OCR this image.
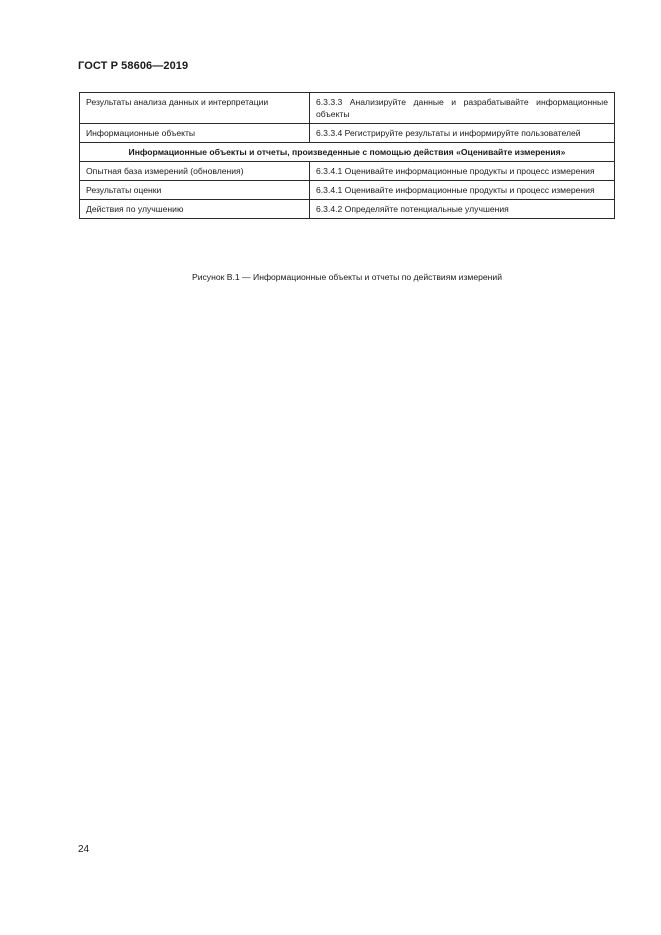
ГОСТ Р 58606—2019
Результаты анализа данных и интерпретации	6.3.3.3 Анализируйте данные и разрабатывайте информационные объекты
Информационные объекты	6.3.3.4 Регистрируйте результаты и информируйте пользователей
Информационные объекты и отчеты, произведенные с помощью действия «Оценивайте измерения»	
Опытная база измерений (обновления)	6.3.4.1 Оценивайте информационные продукты и процесс измерения
Результаты оценки	6.3.4.1 Оценивайте информационные продукты и процесс измерения
Действия по улучшению	6.3.4.2 Определяйте потенциальные улучшения
Рисунок В.1 — Информационные объекты и отчеты по действиям измерений
24
